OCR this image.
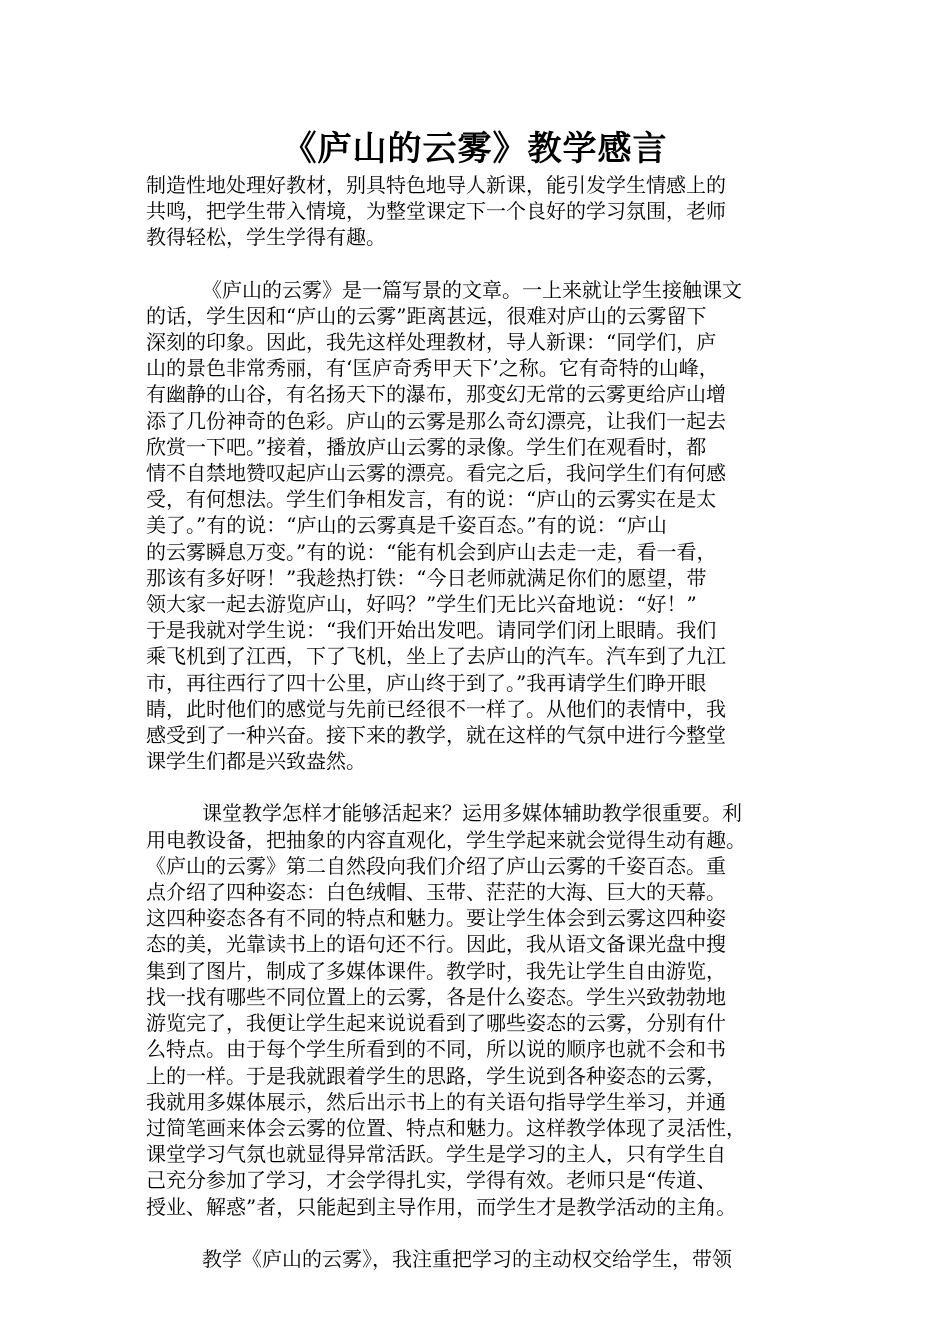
《庐山的云雾》教学感言
制造性地处理好教材，别具特色地导人新课，能引发学生情感上的
共鸣，把学生带入情境，为整堂课定下一个良好的学习氛围，老师
教得轻松，学生学得有趣。
《庐山的云雾》是一篇写景的文章。一上来就让学生接触课文
的话，学生因和“庐山的云雾”距离甚远，很难对庐山的云雾留下
深刻的印象。因此，我先这样处理教材，导人新课：“同学们，庐
山的景色非常秀丽，有‘匡庐奇秀甲天下’之称。它有奇特的山峰，
有幽静的山谷，有名扬天下的瀑布，那变幻无常的云雾更给庐山增
添了几份神奇的色彩。庐山的云雾是那么奇幻漂亮，让我们一起去
欣赏一下吧。”接着，播放庐山云雾的录像。学生们在观看时，都
情不自禁地赞叹起庐山云雾的漂亮。看完之后，我问学生们有何感
受，有何想法。学生们争相发言，有的说：“庐山的云雾实在是太
美了。”有的说：“庐山的云雾真是千姿百态。”有的说：“庐山
的云雾瞬息万变。”有的说：“能有机会到庐山去走一走，看一看，
那该有多好呀！”我趁热打铁：“今日老师就满足你们的愿望，带
领大家一起去游览庐山，好吗？”学生们无比兴奋地说：“好！”
于是我就对学生说：“我们开始出发吧。请同学们闭上眼睛。我们
乘飞机到了江西，下了飞机，坐上了去庐山的汽车。汽车到了九江
市，再往西行了四十公里，庐山终于到了。”我再请学生们睁开眼
睛，此时他们的感觉与先前已经很不一样了。从他们的表情中，我
感受到了一种兴奋。接下来的教学，就在这样的气氛中进行今整堂
课学生们都是兴致盎然。
课堂教学怎样才能够活起来？运用多媒体辅助教学很重要。利
用电教设备，把抽象的内容直观化，学生学起来就会觉得生动有趣。
《庐山的云雾》第二自然段向我们介绍了庐山云雾的千姿百态。重
点介绍了四种姿态：白色绒帽、玉带、茫茫的大海、巨大的天幕。
这四种姿态各有不同的特点和魅力。要让学生体会到云雾这四种姿
态的美，光靠读书上的语句还不行。因此，我从语文备课光盘中搜
集到了图片，制成了多媒体课件。教学时，我先让学生自由游览，
找一找有哪些不同位置上的云雾，各是什么姿态。学生兴致勃勃地
游览完了，我便让学生起来说说看到了哪些姿态的云雾，分别有什
么特点。由于每个学生所看到的不同，所以说的顺序也就不会和书
上的一样。于是我就跟着学生的思路，学生说到各种姿态的云雾，
我就用多媒体展示，然后出示书上的有关语句指导学生举习，并通
过简笔画来体会云雾的位置、特点和魅力。这样教学体现了灵活性，
课堂学习气氛也就显得异常活跃。学生是学习的主人，只有学生自
己充分参加了学习，才会学得扎实，学得有效。老师只是“传道、
授业、解惑”者，只能起到主导作用，而学生才是教学活动的主角。
教学《庐山的云雾》，我注重把学习的主动权交给学生，带领
